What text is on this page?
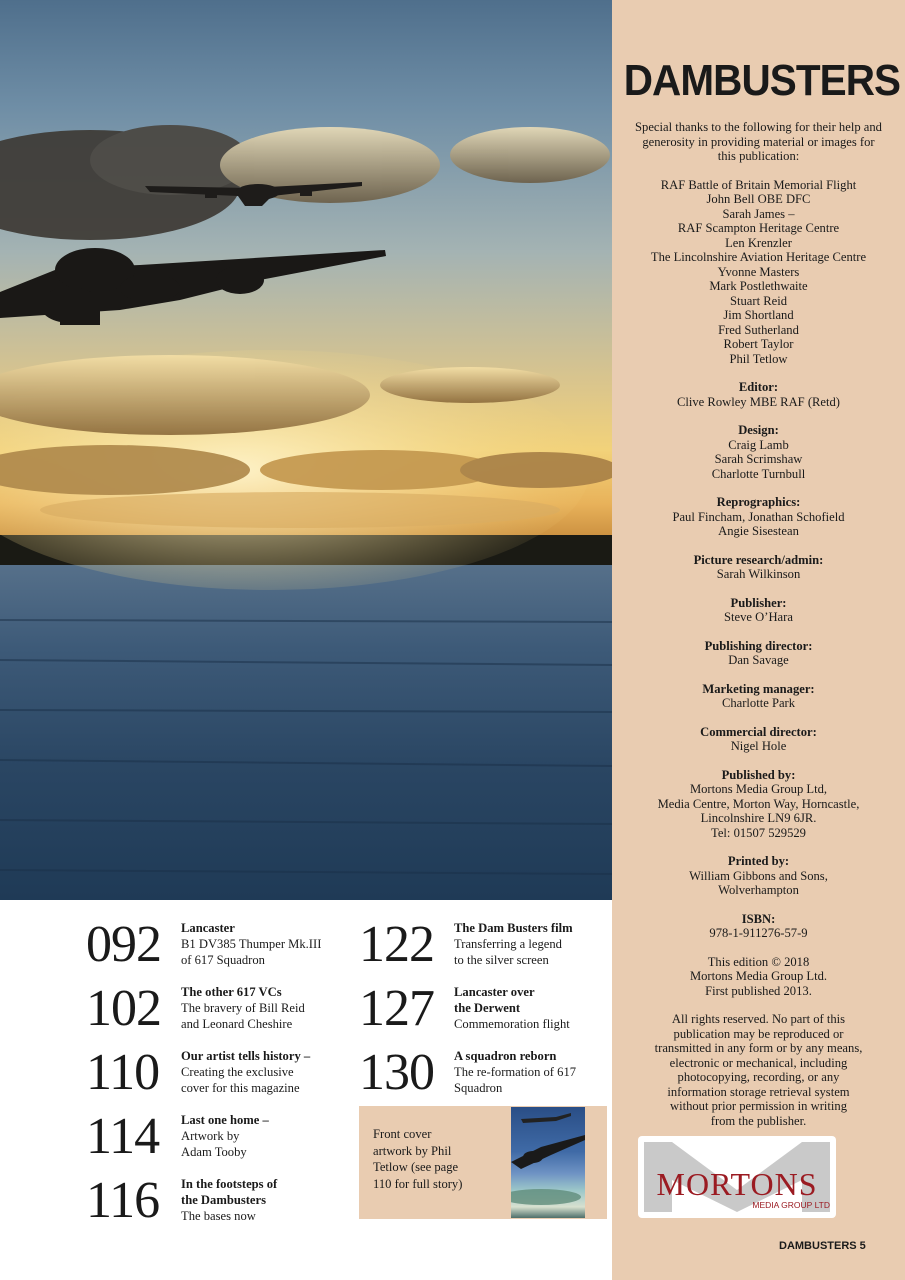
DAMBUSTERS

Special thanks to the following for their help and generosity in providing material or images for this publication:

RAF Battle of Britain Memorial Flight

John Bell OBE DFC

Sarah James –

RAF Scampton Heritage Centre

Len Krenzler

The Lincolnshire Aviation Heritage Centre

Yvonne Masters

Mark Postlethwaite

Stuart Reid

Jim Shortland

Fred Sutherland

Robert Taylor

Phil Tetlow

Editor:

Clive Rowley MBE RAF (Retd)

Design:

Craig Lamb

Sarah Scrimshaw

Charlotte Turnbull

Reprographics:

Paul Fincham, Jonathan Schofield

Angie Sisestean

Picture research/admin:

Sarah Wilkinson

Publisher:

Steve O’Hara

Publishing director:

Dan Savage

Marketing manager:

Charlotte Park

Commercial director:

Nigel Hole

Published by:

Mortons Media Group Ltd,

Media Centre, Morton Way, Horncastle,

Lincolnshire LN9 6JR.

Tel: 01507 529529

Printed by:

William Gibbons and Sons,

Wolverhampton

ISBN:

978-1-911276-57-9

This edition © 2018

Mortons Media Group Ltd.

First published 2013.

All rights reserved. No part of this

publication may be reproduced or

transmitted in any form or by any means,

electronic or mechanical, including

photocopying, recording, or any

information storage retrieval system

without prior permission in writing

from the publisher.

MORTONS
MEDIA GROUP LTD
DAMBUSTERS 5
092 Lancaster
B1 DV385 Thumper Mk.III
of 617 Squadron
102 The other 617 VCs
The bravery of Bill Reid
and Leonard Cheshire
110 Our artist tells history –
Creating the exclusive
cover for this magazine
114 Last one home –
Artwork by
Adam Tooby
116 In the footsteps of
the Dambusters
The bases now
122 The Dam Busters film
Transferring a legend
to the silver screen
127 Lancaster over
the Derwent
Commemoration flight
130 A squadron reborn
The re-formation of 617
Squadron
Front cover
artwork by Phil
Tetlow (see page
110 for full story)
